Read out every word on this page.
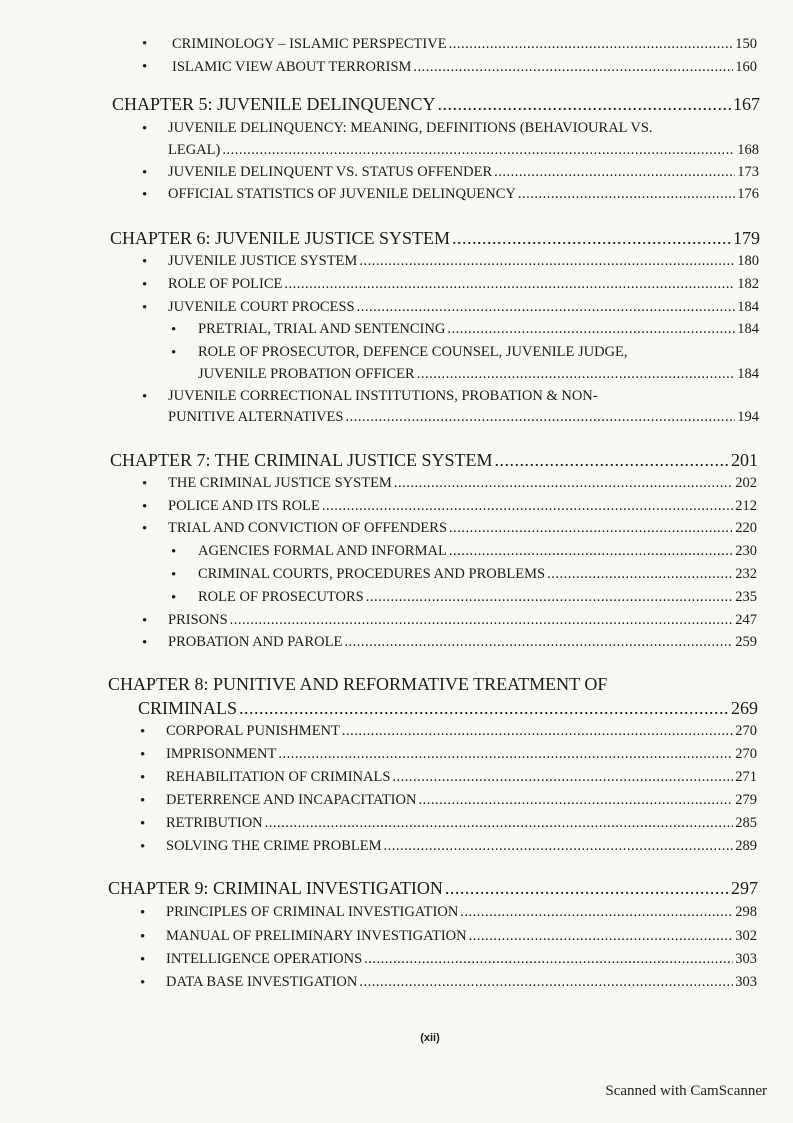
CRIMINOLOGY – ISLAMIC PERSPECTIVE .....	150
•
ISLAMIC VIEW ABOUT TERRORISM .....	160
•
CHAPTER 5: JUVENILE DELINQUENCY .....	167
• JUVENILE DELINQUENCY: MEANING, DEFINITIONS (BEHAVIOURAL VS.
LEGAL) .....	168
• JUVENILE DELINQUENT VS. STATUS OFFENDER .....	173
• OFFICIAL STATISTICS OF JUVENILE DELINQUENCY .....	176
CHAPTER 6: JUVENILE JUSTICE SYSTEM .....	179
• JUVENILE JUSTICE SYSTEM .....	180
• ROLE OF POLICE .....	182
• JUVENILE COURT PROCESS .....	184
• PRETRIAL, TRIAL AND SENTENCING .....	184
• ROLE OF PROSECUTOR, DEFENCE COUNSEL, JUVENILE JUDGE,
JUVENILE PROBATION OFFICER .....	184
• JUVENILE CORRECTIONAL INSTITUTIONS, PROBATION & NON-
PUNITIVE ALTERNATIVES .....	194
CHAPTER 7: THE CRIMINAL JUSTICE SYSTEM .....	201
• THE CRIMINAL JUSTICE SYSTEM .....	202
• POLICE AND ITS ROLE .....	212
• TRIAL AND CONVICTION OF OFFENDERS .....	220
• AGENCIES FORMAL AND INFORMAL .....	230
• CRIMINAL COURTS, PROCEDURES AND PROBLEMS .....	232
• ROLE OF PROSECUTORS .....	235
• PRISONS .....	247
• PROBATION AND PAROLE .....	259
CHAPTER 8: PUNITIVE AND REFORMATIVE TREATMENT OF
CRIMINALS .....	269
• CORPORAL PUNISHMENT .....	270
• IMPRISONMENT .....	270
• REHABILITATION OF CRIMINALS .....	271
• DETERRENCE AND INCAPACITATION .....	279
• RETRIBUTION .....	285
• SOLVING THE CRIME PROBLEM .....	289
CHAPTER 9: CRIMINAL INVESTIGATION .....	297
• PRINCIPLES OF CRIMINAL INVESTIGATION .....	298
• MANUAL OF PRELIMINARY INVESTIGATION .....	302
• INTELLIGENCE OPERATIONS .....	303
• DATA BASE INVESTIGATION .....	303
(xii)
Scanned with CamScanner
